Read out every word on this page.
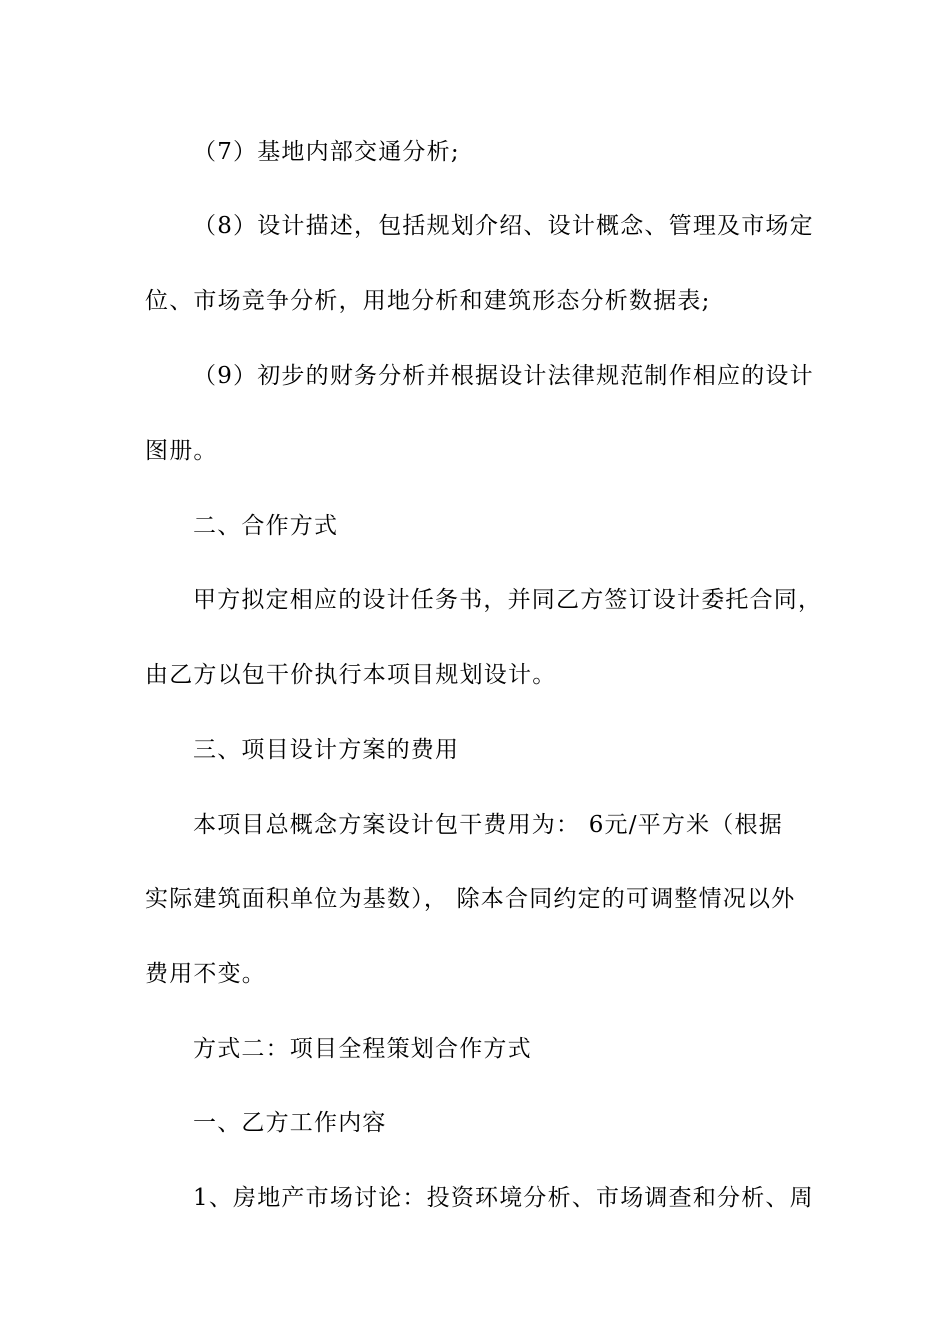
（7）基地内部交通分析;
（8）设计描述，包括规划介绍、设计概念、管理及市场定
位、市场竞争分析，用地分析和建筑形态分析数据表;
（9）初步的财务分析并根据设计法律规范制作相应的设计
图册。
二、合作方式
甲方拟定相应的设计任务书，并同乙方签订设计委托合同，
由乙方以包干价执行本项目规划设计。
三、项目设计方案的费用
本项目总概念方案设计包干费用为： 6元/平方米（根据
实际建筑面积单位为基数）， 除本合同约定的可调整情况以外
费用不变。
方式二：项目全程策划合作方式
一、乙方工作内容
1、房地产市场讨论：投资环境分析、市场调查和分析、周
